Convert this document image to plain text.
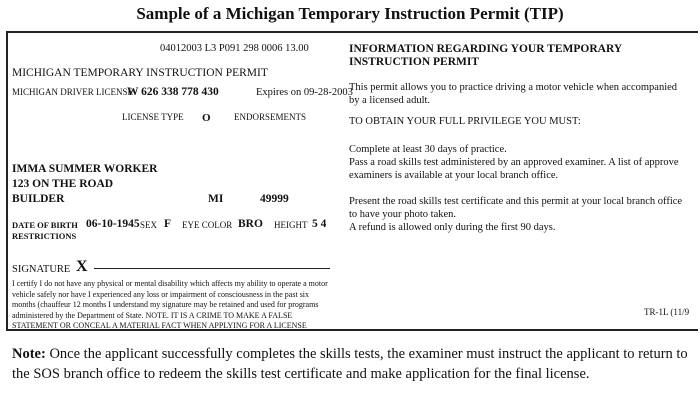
Sample of a Michigan Temporary Instruction Permit (TIP)
04012003 L3 P091 298 0006 13.00
MICHIGAN TEMPORARY INSTRUCTION PERMIT
MICHIGAN DRIVER LICENSE
W 626 338 778 430	Expires on 09-28-2003
LICENSE TYPE O	ENDORSEMENTS
IMMA SUMMER WORKER
123 ON THE ROAD
BUILDER	MI	49999
DATE OF BIRTH 06-10-1945 SEX F EYE COLOR BRO HEIGHT 5 4
RESTRICTIONS
SIGNATURE X
I certify I do not have any physical or mental disability which affects my ability to operate a motor vehicle safely nor have I experienced any loss or impairment of consciousness in the past six months (chauffeur 12 months I understand my signature may be retained and used for programs administered by the Department of State. NOTE. IT IS A CRIME TO MAKE A FALSE STATEMENT OR CONCEAL A MATERIAL FACT WHEN APPLYING FOR A LICENSE
INFORMATION REGARDING YOUR TEMPORARY
INSTRUCTION PERMIT
This permit allows you to practice driving a motor vehicle when accompanied
by a licensed adult.
TO OBTAIN YOUR FULL PRIVILEGE YOU MUST:
Complete at least 30 days of practice.
Pass a road skills test administered by an approved examiner. A list of approve
examiners is available at your local branch office.
Present the road skills test certificate and this permit at your local branch office
to have your photo taken.
A refund is allowed only during the first 90 days.
TR-1L (11/9
Note: Once the applicant successfully completes the skills tests, the examiner must instruct the applicant to return to the SOS branch office to redeem the skills test certificate and make application for the final license.
